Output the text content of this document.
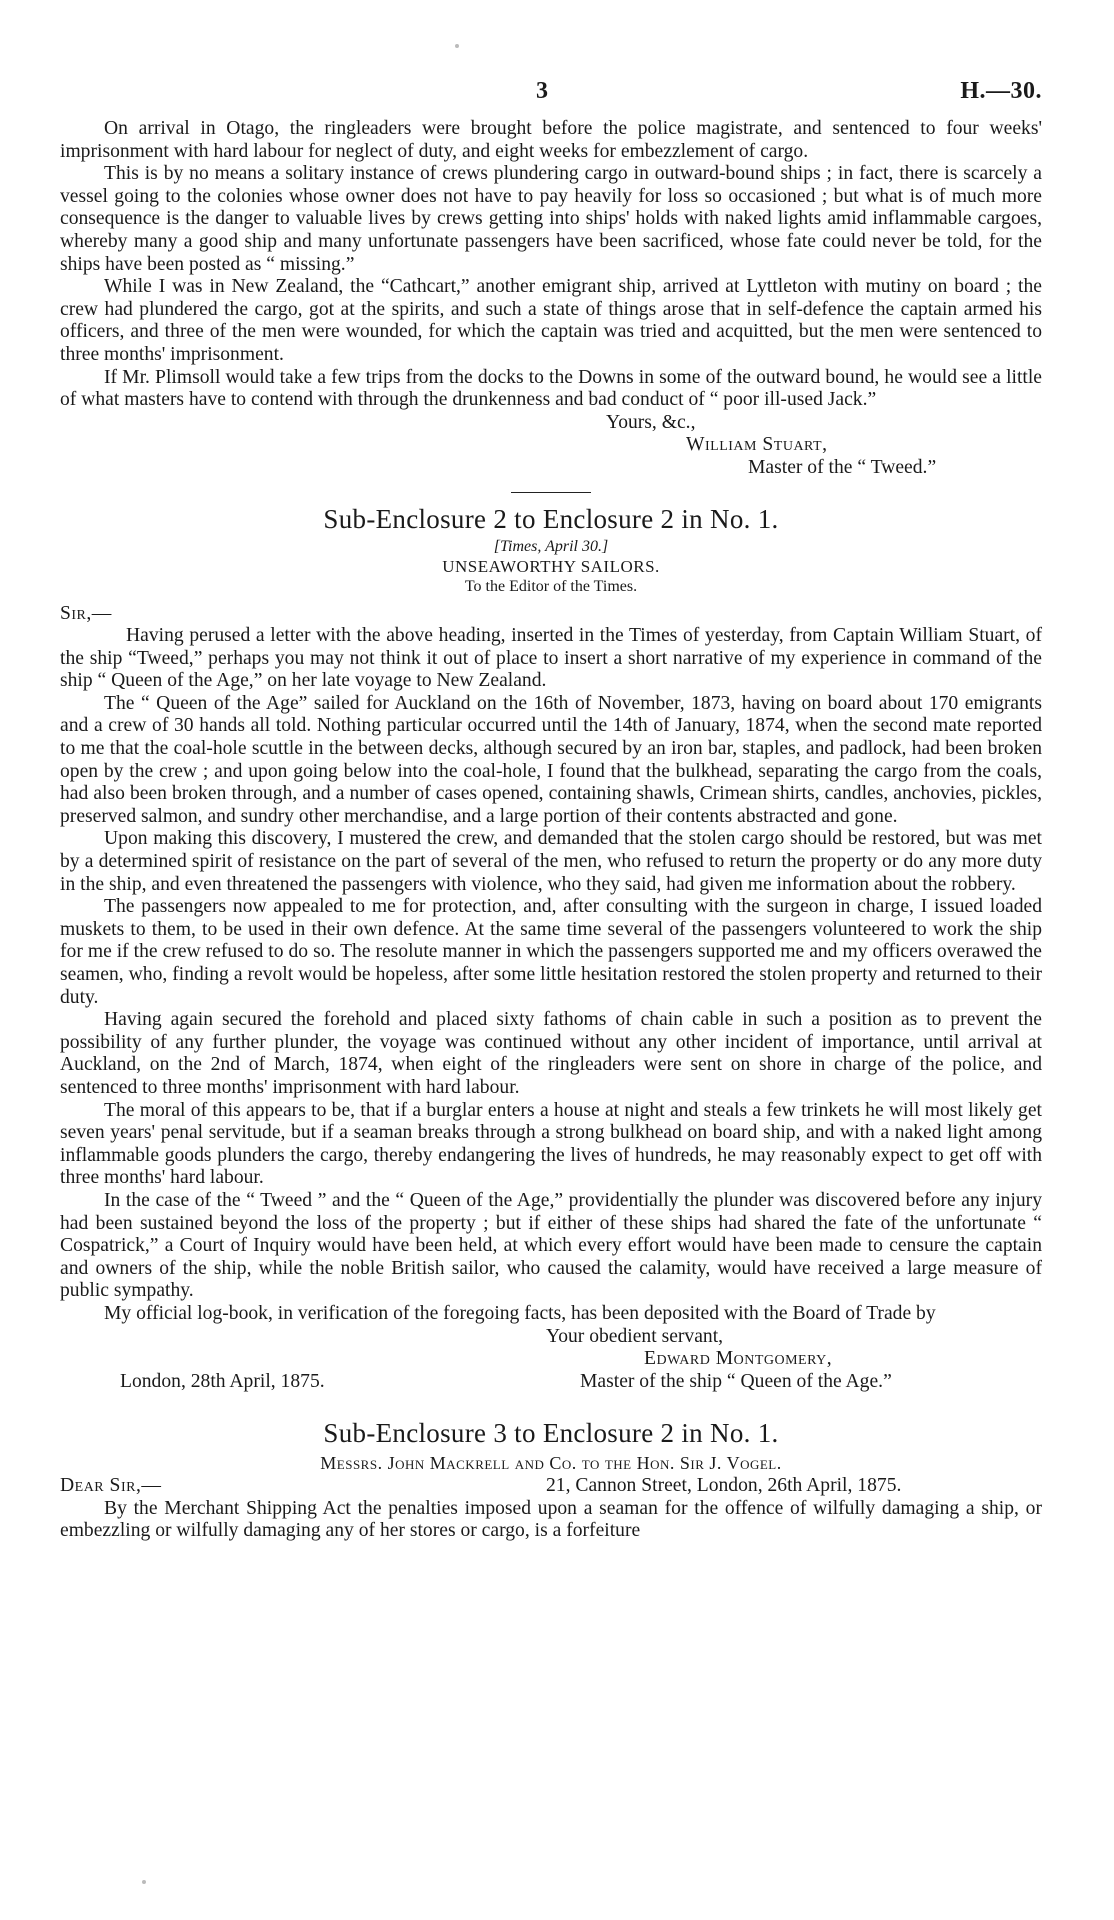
3	H.—30.

On arrival in Otago, the ringleaders were brought before the police magistrate, and sentenced to four weeks' imprisonment with hard labour for neglect of duty, and eight weeks for embezzlement of cargo.

This is by no means a solitary instance of crews plundering cargo in outward-bound ships ; in fact, there is scarcely a vessel going to the colonies whose owner does not have to pay heavily for loss so occasioned ; but what is of much more consequence is the danger to valuable lives by crews getting into ships' holds with naked lights amid inflammable cargoes, whereby many a good ship and many unfortunate passengers have been sacrificed, whose fate could never be told, for the ships have been posted as “ missing.”

While I was in New Zealand, the “Cathcart,” another emigrant ship, arrived at Lyttleton with mutiny on board ; the crew had plundered the cargo, got at the spirits, and such a state of things arose that in self-defence the captain armed his officers, and three of the men were wounded, for which the captain was tried and acquitted, but the men were sentenced to three months' imprisonment.

If Mr. Plimsoll would take a few trips from the docks to the Downs in some of the outward bound, he would see a little of what masters have to contend with through the drunkenness and bad conduct of “ poor ill-used Jack.”

Yours, &c.,
William Stuart,
Master of the “ Tweed.”
Sub-Enclosure 2 to Enclosure 2 in No. 1.
[Times, April 30.]
UNSEAWORTHY SAILORS.
To the Editor of the Times.

Sir,—

Having perused a letter with the above heading, inserted in the Times of yesterday, from Captain William Stuart, of the ship “Tweed,” perhaps you may not think it out of place to insert a short narrative of my experience in command of the ship “ Queen of the Age,” on her late voyage to New Zealand.

The “ Queen of the Age” sailed for Auckland on the 16th of November, 1873, having on board about 170 emigrants and a crew of 30 hands all told. Nothing particular occurred until the 14th of January, 1874, when the second mate reported to me that the coal-hole scuttle in the between decks, although secured by an iron bar, staples, and padlock, had been broken open by the crew ; and upon going below into the coal-hole, I found that the bulkhead, separating the cargo from the coals, had also been broken through, and a number of cases opened, containing shawls, Crimean shirts, candles, anchovies, pickles, preserved salmon, and sundry other merchandise, and a large portion of their contents abstracted and gone.

Upon making this discovery, I mustered the crew, and demanded that the stolen cargo should be restored, but was met by a determined spirit of resistance on the part of several of the men, who refused to return the property or do any more duty in the ship, and even threatened the passengers with violence, who they said, had given me information about the robbery.

The passengers now appealed to me for protection, and, after consulting with the surgeon in charge, I issued loaded muskets to them, to be used in their own defence. At the same time several of the passengers volunteered to work the ship for me if the crew refused to do so. The resolute manner in which the passengers supported me and my officers overawed the seamen, who, finding a revolt would be hopeless, after some little hesitation restored the stolen property and returned to their duty.

Having again secured the forehold and placed sixty fathoms of chain cable in such a position as to prevent the possibility of any further plunder, the voyage was continued without any other incident of importance, until arrival at Auckland, on the 2nd of March, 1874, when eight of the ringleaders were sent on shore in charge of the police, and sentenced to three months' imprisonment with hard labour.

The moral of this appears to be, that if a burglar enters a house at night and steals a few trinkets he will most likely get seven years' penal servitude, but if a seaman breaks through a strong bulkhead on board ship, and with a naked light among inflammable goods plunders the cargo, thereby endangering the lives of hundreds, he may reasonably expect to get off with three months' hard labour.

In the case of the “ Tweed ” and the “ Queen of the Age,” providentially the plunder was discovered before any injury had been sustained beyond the loss of the property ; but if either of these ships had shared the fate of the unfortunate “ Cospatrick,” a Court of Inquiry would have been held, at which every effort would have been made to censure the captain and owners of the ship, while the noble British sailor, who caused the calamity, would have received a large measure of public sympathy.

My official log-book, in verification of the foregoing facts, has been deposited with the Board of Trade by

Your obedient servant,
Edward Montgomery,
London, 28th April, 1875.	Master of the ship “ Queen of the Age.”
Sub-Enclosure 3 to Enclosure 2 in No. 1.
Messrs. John Mackrell and Co. to the Hon. Sir J. Vogel.
Dear Sir,—	21, Cannon Street, London, 26th April, 1875.

By the Merchant Shipping Act the penalties imposed upon a seaman for the offence of wilfully damaging a ship, or embezzling or wilfully damaging any of her stores or cargo, is a forfeiture
